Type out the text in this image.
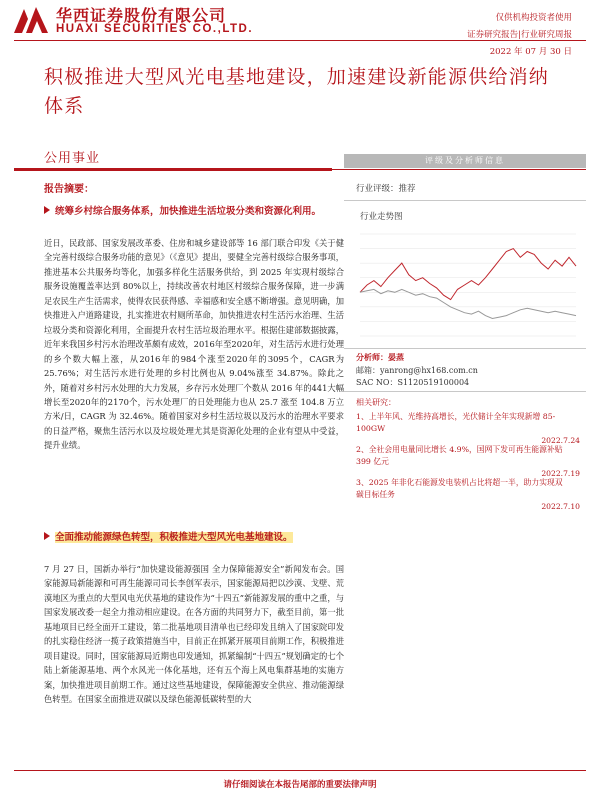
华西证券股份有限公司
HUAXI SECURITIES CO.,LTD.
仅供机构投资者使用
证券研究报告|行业研究周报
2022 年 07 月 30 日
积极推进大型风光电基地建设，加速建设新能源供给消纳体系
公用事业	评级及分析师信息
报告摘要：
统筹乡村综合服务体系，加快推进生活垃圾分类和资源化利用。
近日，民政部、国家发展改革委、住房和城乡建设部等 16 部门联合印发《关于健全完善村级综合服务功能的意见》（《意见》提出，要健全完善村级综合服务事项，推进基本公共服务均等化，加强多样化生活服务供给，到 2025 年实现村级综合服务设施覆盖率达到 80%以上，持续改善农村地区村级综合服务保障，进一步满足农民生产生活需求，使得农民获得感、幸福感和安全感不断增强。意见明确，加快推进入户道路建设，扎实推进农村厕所革命，加快推进农村生活污水治理、生活垃圾分类和资源化利用，全面提升农村生活垃圾治理水平。根据住建部数据披露，近年来我国乡村污水治理改革颇有成效，2016年至2020年，对生活污水进行处理的乡个数大幅上涨，从2016年的984个涨至2020年的3095个，CAGR为25.76%；对生活污水进行处理的乡村比例也从 9.04%涨至 34.87%。除此之外，随着对乡村污水处理的大力发展，乡存污水处理厂个数从 2016 年的441大幅增长至2020年的2170个，污水处理厂的日处理能力也从 25.7 涨至 104.8 万立方米/日，CAGR 为 32.46%。随着国家对乡村生活垃圾以及污水的治理水平要求的日益严格，聚焦生活污水以及垃圾处理尤其是资源化处理的企业有望从中受益，提升业绩。
全面推动能源绿色转型，积极推进大型风光电基地建设。
7 月 27 日，国新办举行“加快建设能源强国 全力保障能源安全”新闻发布会。国家能源局新能源和可再生能源司司长李创军表示，国家能源局把以沙漠、戈壁、荒漠地区为重点的大型风电光伏基地的建设作为“十四五”新能源发展的重中之重，与国家发展改委一起全力推动相应建设。在各方面的共同努力下，截至目前，第一批基地项目已经全面开工建设，第二批基地项目清单也已经印发且纳入了国家院印发的扎实稳住经济一揽子政策措施当中，目前正在抓紧开展项目前期工作，积极推进项目建设。同时，国家能源局近期也印发通知，抓紧编制“十四五”规划确定的七个陆上新能源基地、两个水风光一体化基地，还有五个海上风电集群基地的实施方案，加快推进项目前期工作。通过这些基地建设，保障能源安全供应、推动能源绿色转型。在国家全面推进双碳以及绿色能源低碳转型的大
行业评级：推荐
行业走势图
分析师：晏蒸
邮箱：yanrong@hx168.com.cn
SAC NO：S1120519100004
相关研究：
1、上半年风、光维持高增长，光伏储计全年实现新增 85-100GW
2022.7.24
2、全社会用电量同比增长 4.9%，国网下发可再生能源补贴 399 亿元
2022.7.19
3、2025 年非化石能源发电装机占比将超一半，助力实现双碳目标任务
2022.7.10
请仔细阅读在本报告尾部的重要法律声明
